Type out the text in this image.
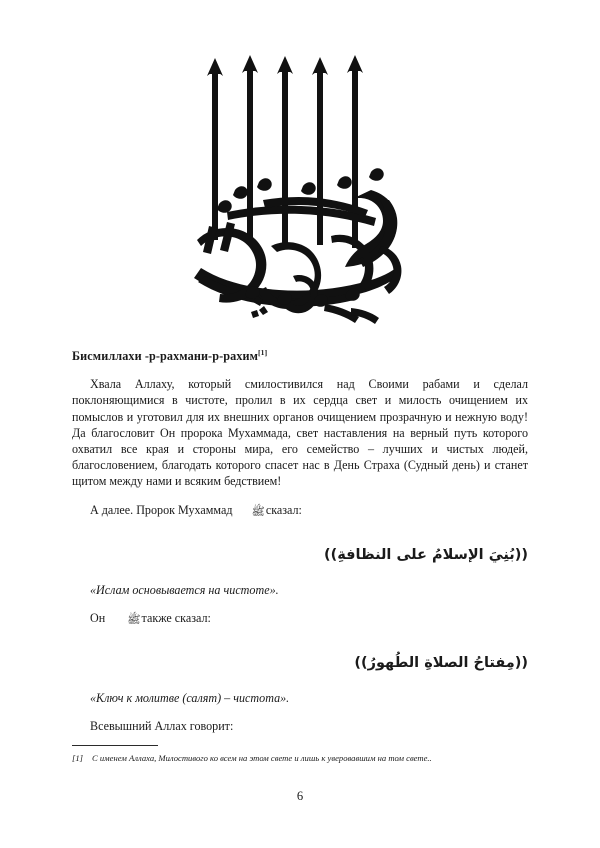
Бисмиллахи -р-рахмани-р-рахим[1]

Хвала Аллаху, который смилостивился над Своими рабами и сделал поклоняющимися в чистоте, пролил в их сердца свет и милость очищением их помыслов и уготовил для их внешних органов очищением прозрачную и нежную воду! Да благословит Он пророка Мухаммада, свет наставления на верный путь которого охватил все края и стороны мира, его семейство – лучших и чистых людей, благословением, благодать которого спасет нас в День Страха (Судный день) и станет щитом между нами и всяким бедствием!

А далее. Пророк Мухаммад ﷺсказал:

((بُنِيَ الإسلامُ على النظافةِ))

«Ислам основывается на чистоте».

Он ﷺтакже сказал:

((مِفتاحُ الصلاةِ الطُهورُ))

«Ключ к молитве (салят) – чистота».

Всевышний Аллах говорит:

[1]	С именем Аллаха, Милостивого ко всем на этом свете и лишь к уверовавшим на том свете..
6
